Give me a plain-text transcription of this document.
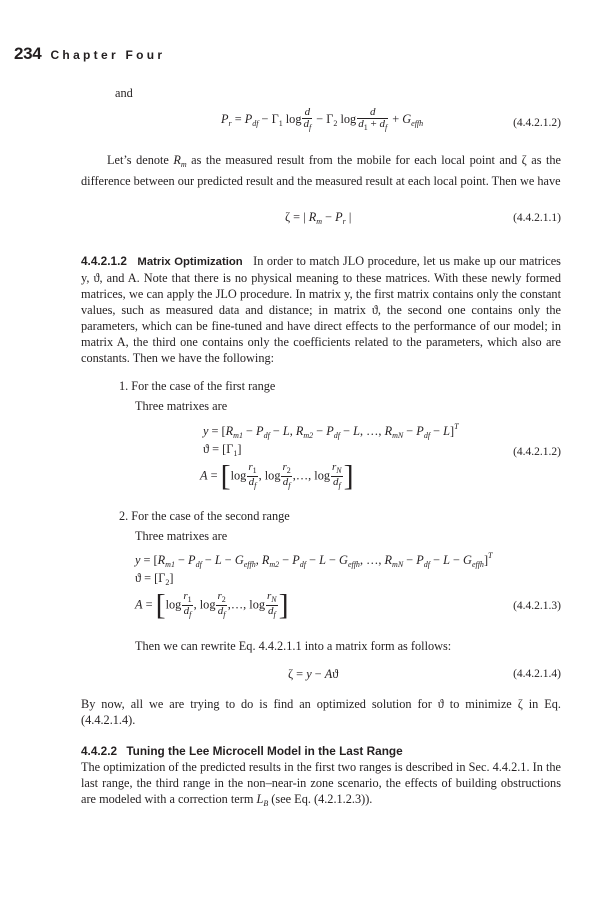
234 Chapter Four
and
$P_r = P_{df} - \Gamma_1$ $\log \frac{d}{d_f} - \Gamma_2$ $\log \frac{d}{d_1 + d_f} + G_{effh}$	(4.4.2.1.2)
Let’s denote $R_m$ as the measured result from the mobile for each local point and ζ as the difference between our predicted result and the measured result at each local point. Then we have
ζ = | $R_m - P_r$ |	(4.4.2.1.1)
4.4.2.1.2 Matrix Optimization In order to match JLO procedure, let us make up our matrices y, ϑ, and A. Note that there is no physical meaning to these matrices. With these newly formed matrices, we can apply the JLO procedure. In matrix y, the first matrix contains only the constant values, such as measured data and distance; in matrix ϑ, the second one contains only the parameters, which can be fine-tuned and have direct effects to the performance of our model; in matrix A, the third one contains only the coefficients related to the parameters, which also are constants. Then we have the following:
1. For the case of the first range
Three matrixes are
$y = [R_{m1} - P_{df} - L$, $R_{m2} - P_{df} - L$, …, $R_{mN} - P_{df} - L]^T$
$ϑ = [\Gamma_1]$
$A = [\log \frac{r_1}{d_f}$ , $\log \frac{r_2}{d_f}$ ,…, $\log \frac{r_N}{d_f}$ ]
(4.4.2.1.2)
2. For the case of the second range
Three matrixes are
$y = [R_{m1} - P_{df} - L - G_{effh}$, $R_{m2} - P_{df} - L - G_{effh}$, …, $R_{mN} - P_{df} - L - G_{effh}]^T$
$ϑ = [\Gamma_2]$
$A = [\log \frac{r_1}{d_f}$ , $\log \frac{r_2}{d_f}$ ,…, $\log \frac{r_N}{d_f}$ ]	(4.4.2.1.3)
Then we can rewrite Eq. 4.4.2.1.1 into a matrix form as follows:
ζ = y − Aϑ	(4.4.2.1.4)
By now, all we are trying to do is find an optimized solution for ϑ to minimize ζ in Eq. (4.4.2.1.4).
4.4.2.2 Tuning the Lee Microcell Model in the Last Range
The optimization of the predicted results in the first two ranges is described in Sec. 4.4.2.1. In the last range, the third range in the non–near-in zone scenario, the effects of building obstructions are modeled with a correction term $L_B$ (see Eq. (4.2.1.2.3)).
